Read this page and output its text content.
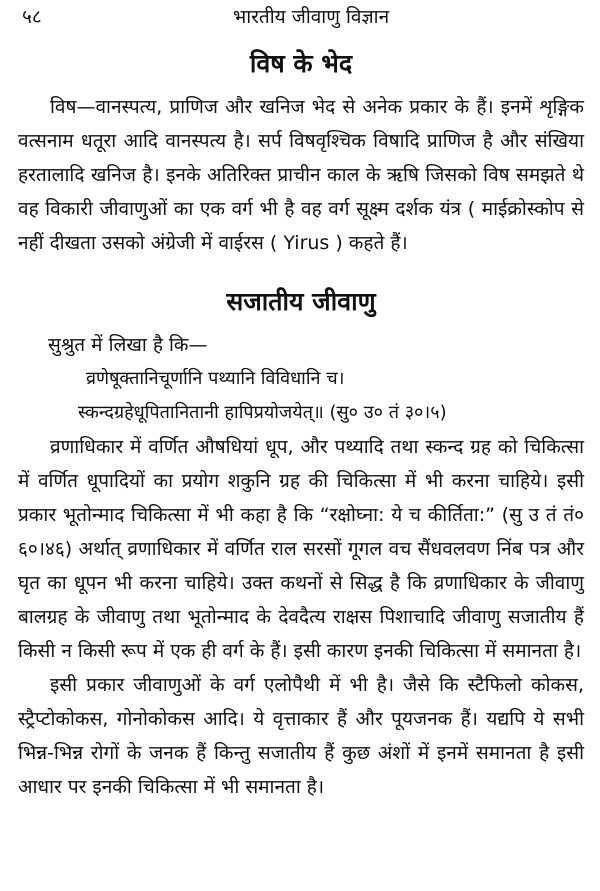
५८	भारतीय जीवाणु विज्ञान
विष के भेद

विष—वानस्पत्य, प्राणिज और खनिज भेद से अनेक प्रकार के हैं। इनमें शृङ्गिक वत्सनाम धतूरा आदि वानस्पत्य है। सर्प विषवृश्चिक विषादि प्राणिज है और संखिया हरतालादि खनिज है। इनके अतिरिक्त प्राचीन काल के ऋषि जिसको विष समझते थे वह विकारी जीवाणुओं का एक वर्ग भी है वह वर्ग सूक्ष्म दर्शक यंत्र ( माईक्रोस्कोप से नहीं दीखता उसको अंग्रेजी में वाईरस ( Yirus ) कहते हैं।

सजातीय जीवाणु

सुश्रुत में लिखा है कि—

व्रणेषूक्तानिचूर्णानि पथ्यानि विविधानि च।

स्कन्दग्रहेधूपितानितानी हापिप्रयोजयेत्॥ (सु० उ० तं ३०।५)

व्रणाधिकार में वर्णित औषधियां धूप, और पथ्यादि तथा स्कन्द ग्रह को चिकित्सा में वर्णित धूपादियों का प्रयोग शकुनि ग्रह की चिकित्सा में भी करना चाहिये। इसी प्रकार भूतोन्माद चिकित्सा में भी कहा है कि “रक्षोघ्ना: ये च कीर्तिता:” (सु उ तं तं० ६०।४६) अर्थात् व्रणाधिकार में वर्णित राल सरसों गूगल वच सैंधवलवण निंब पत्र और घृत का धूपन भी करना चाहिये। उक्त कथनों से सिद्ध है कि व्रणाधिकार के जीवाणु बालग्रह के जीवाणु तथा भूतोन्माद के देवदैत्य राक्षस पिशाचादि जीवाणु सजातीय हैं किसी न किसी रूप में एक ही वर्ग के हैं। इसी कारण इनकी चिकित्सा में समानता है।

इसी प्रकार जीवाणुओं के वर्ग एलोपैथी में भी है। जैसे कि स्टैफिलो कोकस, स्ट्रैप्टोकोकस, गोनोकोकस आदि। ये वृत्ताकार हैं और पूयजनक हैं। यद्यपि ये सभी भिन्न-भिन्न रोगों के जनक हैं किन्तु सजातीय हैं कुछ अंशों में इनमें समानता है इसी आधार पर इनकी चिकित्सा में भी समानता है।
